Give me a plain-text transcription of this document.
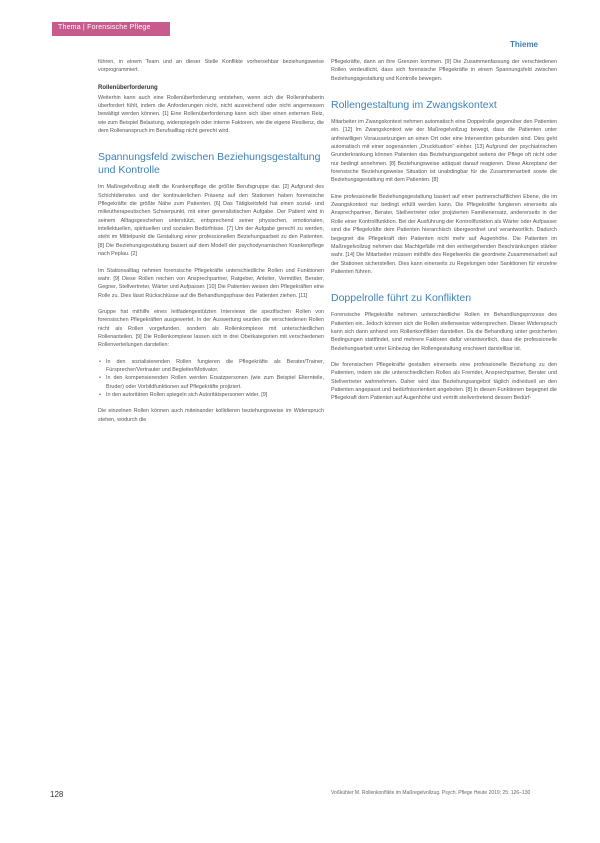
Thema | Forensische Pflege
Thieme

führen, in einem Team und an dieser Stelle Konflikte vorhersehbar beziehungsweise vorprogrammiert.

Rollenüberforderung

Weiterhin kann auch eine Rollenüberforderung entstehen, wenn sich die Rolleninhaberin überfordert fühlt, indem die Anforderungen nicht, nicht ausreichend oder nicht angemessen bewältigt werden können. [1] Eine Rollenüberforderung kann sich über einen externen Reiz, wie zum Beispiel Belastung, widerspiegeln oder interne Faktoren, wie die eigene Resilienz, die dem Rollenanspruch im Berufsalltag nicht gerecht wird.

Spannungsfeld zwischen Beziehungsgestaltung und Kontrolle

Im Maßregelvollzug stellt die Krankenpflege die größte Berufsgruppe dar. [2] Aufgrund des Schichtdienstes und der kontinuierlichen Präsenz auf den Stationen haben forensische Pflegekräfte die größte Nähe zum Patienten. [6] Das Tätigkeitsfeld hat einen sozial- und milieutherapeutischen Schwerpunkt, mit einer generalistischen Aufgabe. Der Patient wird in seinem Alltagsgeschehen unterstützt, entsprechend seiner physischen, emotionalen, intellektuellen, spirituellen und sozialen Bedürfnisse. [7] Um der Aufgabe gerecht zu werden, steht im Mittelpunkt die Gestaltung einer professionellen Beziehungsarbeit zu den Patienten. [8] Die Beziehungsgestaltung basiert auf dem Modell der psychodynamischen Krankenpflege nach Peplau. [2]

Im Stationsalltag nehmen forensische Pflegekräfte unterschiedliche Rollen und Funktionen wahr. [9] Diese Rollen reichen von Ansprechpartner, Ratgeber, Anleiter, Vermittler, Berater, Gegner, Stellvertreter, Wärter und Aufpasser. [10] Die Patienten weisen den Pflegekräften eine Rolle zu. Dies lässt Rückschlüsse auf die Behandlungsphase des Patienten ziehen. [11]

Gruppe hat mithilfe eines leitfadengestützten Interviews die spezifischen Rollen von forensischen Pflegekräften ausgewertet. In der Auswertung wurden die verschiedenen Rollen nicht als Rollen vorgefunden, sondern als Rollenkomplexe mit unterschiedlichen Rollenanteilen. [9] Die Rollenkomplexe lassen sich in drei Oberkategorien mit verschiedenen Rollenverteilungen darstellen:

• In den sozialisierenden Rollen fungieren die Pflegekräfte als Berater/Trainer, Fürsprecher/Vertrauter und Begleiter/Motivator.
• In den kompensierenden Rollen werden Ersatzpersonen (wie zum Beispiel Elternteile, Bruder) oder Vorbildfunktionen auf Pflegekräfte projiziert.
• In den autoritären Rollen spiegeln sich Autoritätspersonen wider. [9]

Die einzelnen Rollen können auch miteinander kollidieren beziehungsweise im Widerspruch stehen, wodurch die

Pflegekräfte, dann an ihre Grenzen kommen. [9] Die Zusammenfassung der verschiedenen Rollen verdeutlicht, dass sich forensische Pflegekräfte in einem Spannungsfeld zwischen Beziehungsgestaltung und Kontrolle bewegen.

Rollengestaltung im Zwangskontext

Mitarbeiter im Zwangskontext nehmen automatisch eine Doppelrolle gegenüber den Patienten ein. [12] Im Zwangskontext wie der Maßregelvollzug bewegt, dass die Patienten unter anfreiwilligen Voraussetzungen an einen Ort oder eine Intervention gebunden sind. Dies geht automatisch mit einer sogenannten „Druckituation“ einher. [13] Aufgrund der psychiatrischen Grunderkrankung können Patienten das Beziehungsangebot seitens der Pflege oft nicht oder nur bedingt annehmen. [8] Beziehungsweise adäquat darauf reagieren. Diese Akzeptanz der forensische Beziehungsweise Situation ist unabdingbar für die Zusammenarbeit sowie die Beziehungsgestaltung mit dem Patienten. [8]

Eine professionelle Beziehungsgestaltung basiert auf einer partnerschaftlichen Ebene, die im Zwangskontext nur bedingt erfüllt werden kann. Die Pflegekräfte fungieren einerseits als Ansprechpartner, Berater, Stellvertreter oder projizierten Familienersatz, andererseits in der Rolle einer Kontrollfunktion. Bei der Ausführung der Kontrollfunktion als Wärter oder Aufpasser sind die Pflegekräfte dem Patienten hierarchisch übergeordnet und verantwortlich. Dadurch begegnet die Pflegekraft den Patienten nicht mehr auf Augenhöhe. Die Patienten im Maßregelvollzug nehmen das Machtgefälle mit den einhergehenden Beschränkungen stärker wahr. [14] Die Mitarbeiter müssen mithilfe des Regelwerks die geordnete Zusammenarbeit auf der Stationen sicherstellen. Dies kann einerseits zu Regelungen oder Sanktionen für einzelne Patienten führen.

Doppelrolle führt zu Konflikten

Forensische Pflegekräfte nehmen unterschiedliche Rollen im Behandlungsprozess des Patienten ein. Jedoch können sich die Rollen stellenweise widersprechen. Dieser Widerspruch kann sich dann anhand von Rollenkonflikten darstellen. Da die Behandlung unter gesicherten Bedingungen stattfindet, sind mehrere Faktoren dafür verantwortlich, dass die professionelle Beziehungsarbeit unter Einbezug der Rollengestaltung erschwert darstellbar ist.

Die forensischen Pflegekräfte gestalten einerseits eine professionelle Beziehung zu den Patienten, indem sie die unterschiedlichen Rollen als Fremder, Ansprechpartner, Berater und Stellvertreter wahrnehmen. Daher wird das Beziehungsangebot täglich individuell an den Patienten angepasst und bedürfnisorientiert angeboten. [8] In diesen Funktionen begegnet die Pflegekraft dem Patienten auf Augenhöhe und vertritt stellvertretend dessen Bedürf-

128	Voßkühler M. Rollenkonflikte im Maßregelvollzug. Psych. Pflege Heute 2019; 25: 126–130
